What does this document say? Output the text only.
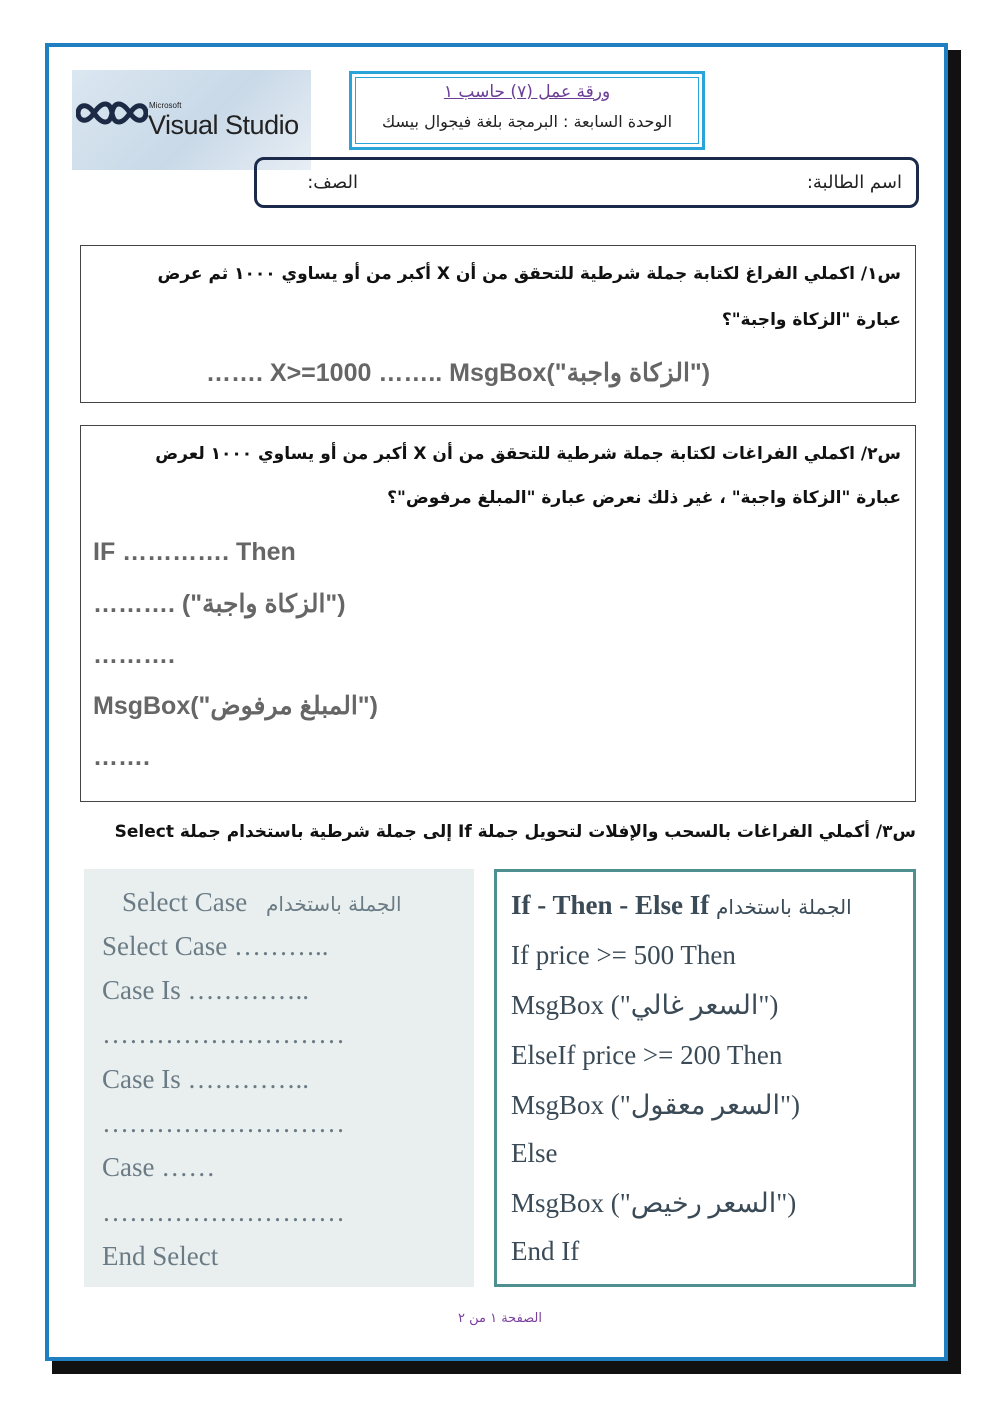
Microsoft
Visual Studio
ورقة عمل (٧) حاسب ١
الوحدة السابعة : البرمجة بلغة فيجوال بيسك
اسم الطالبة:
الصف:
س١/ اكملي الفراغ لكتابة جملة شرطية للتحقق من أن X أكبر من أو يساوي ١٠٠٠ ثم عرض
عبارة "الزكاة واجبة"؟
……. X>=1000 …….. MsgBox("الزكاة واجبة")
س٢/ اكملي الفراغات لكتابة جملة شرطية للتحقق من أن X أكبر من أو يساوي ١٠٠٠ لعرض
عبارة "الزكاة واجبة" ، غير ذلك نعرض عبارة "المبلغ مرفوض"؟
IF …………. Then
………. ("الزكاة واجبة")
……….
MsgBox("المبلغ مرفوض")
…….
س٣/ أكملي الفراغات بالسحب والإفلات لتحويل جملة If إلى جملة شرطية باستخدام جملة Select
Select Case الجملة باستخدام
Select Case ………..
Case Is …………..
………………………
Case Is …………..
………………………
Case ……
………………………
End Select
If - Then - Else If الجملة باستخدام
If price >= 500 Then
MsgBox ("السعر غالي")
ElseIf price >= 200 Then
MsgBox ("السعر معقول")
Else
MsgBox ("السعر رخيص")
End If
الصفحة ١ من ٢
